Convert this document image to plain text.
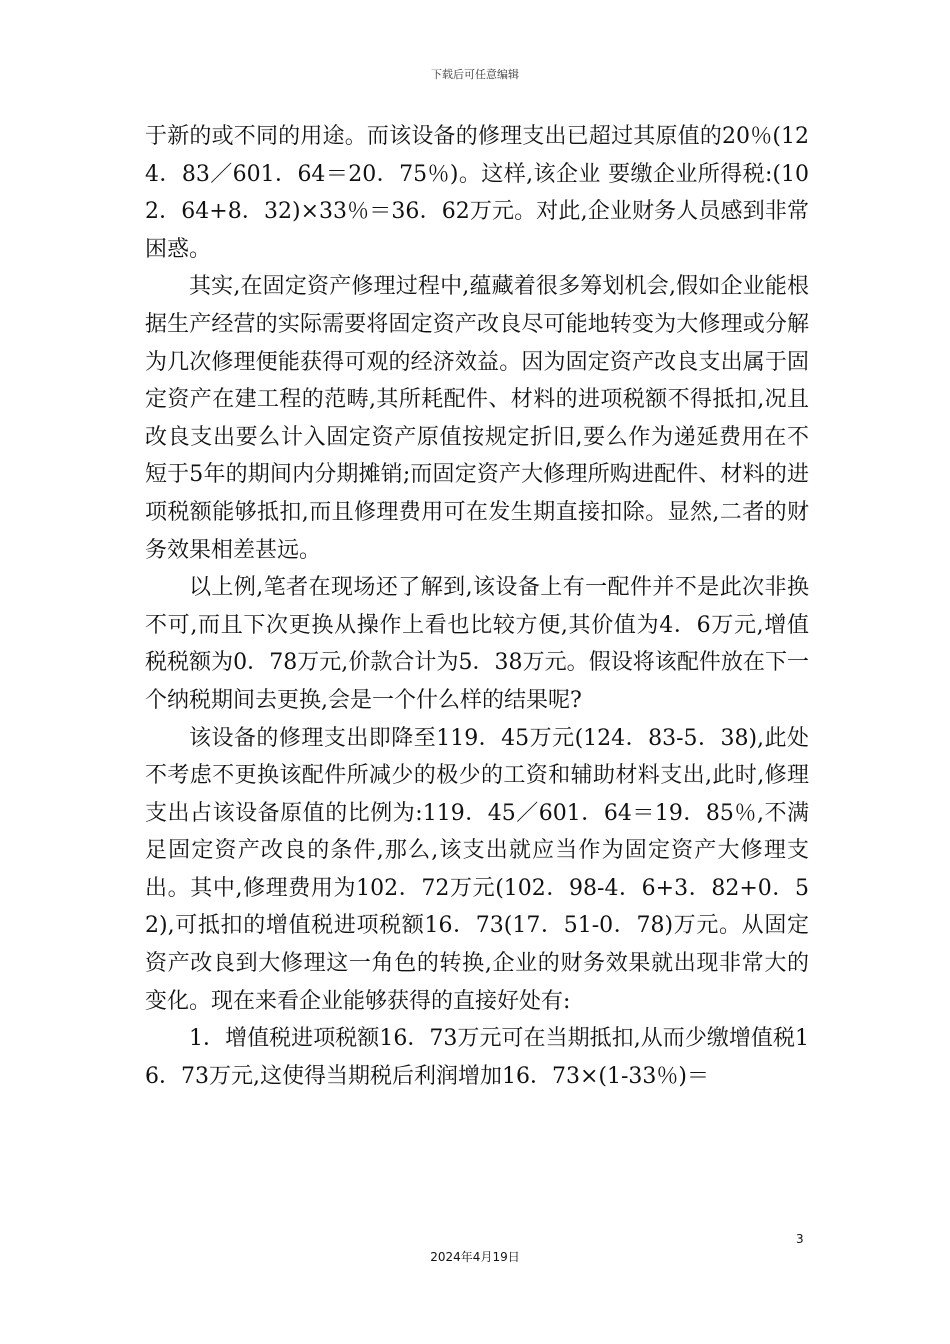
下载后可任意编辑

于新的或不同的用途。而该设备的修理支出已超过其原值的20％(124．83／601．64＝20．75％)。这样,该企业 要缴企业所得税:(102．64+8．32)×33％＝36．62万元。对此,企业财务人员感到非常困惑。

其实,在固定资产修理过程中,蕴藏着很多筹划机会,假如企业能根据生产经营的实际需要将固定资产改良尽可能地转变为大修理或分解为几次修理便能获得可观的经济效益。因为固定资产改良支出属于固定资产在建工程的范畴,其所耗配件、材料的进项税额不得抵扣,况且改良支出要么计入固定资产原值按规定折旧,要么作为递延费用在不短于5年的期间内分期摊销;而固定资产大修理所购进配件、材料的进项税额能够抵扣,而且修理费用可在发生期直接扣除。显然,二者的财务效果相差甚远。

以上例,笔者在现场还了解到,该设备上有一配件并不是此次非换不可,而且下次更换从操作上看也比较方便,其价值为4．6万元,增值税税额为0．78万元,价款合计为5．38万元。假设将该配件放在下一个纳税期间去更换,会是一个什么样的结果呢?

该设备的修理支出即降至119．45万元(124．83-5．38),此处不考虑不更换该配件所减少的极少的工资和辅助材料支出,此时,修理支出占该设备原值的比例为:119．45／601．64＝19．85％,不满足固定资产改良的条件,那么,该支出就应当作为固定资产大修理支出。其中,修理费用为102．72万元(102．98-4．6+3．82+0．52),可抵扣的增值税进项税额16．73(17．51-0．78)万元。从固定资产改良到大修理这一角色的转换,企业的财务效果就出现非常大的变化。现在来看企业能够获得的直接好处有:

1．增值税进项税额16．73万元可在当期抵扣,从而少缴增值税16．73万元,这使得当期税后利润增加16．73×(1-33％)＝

3
2024年4月19日
